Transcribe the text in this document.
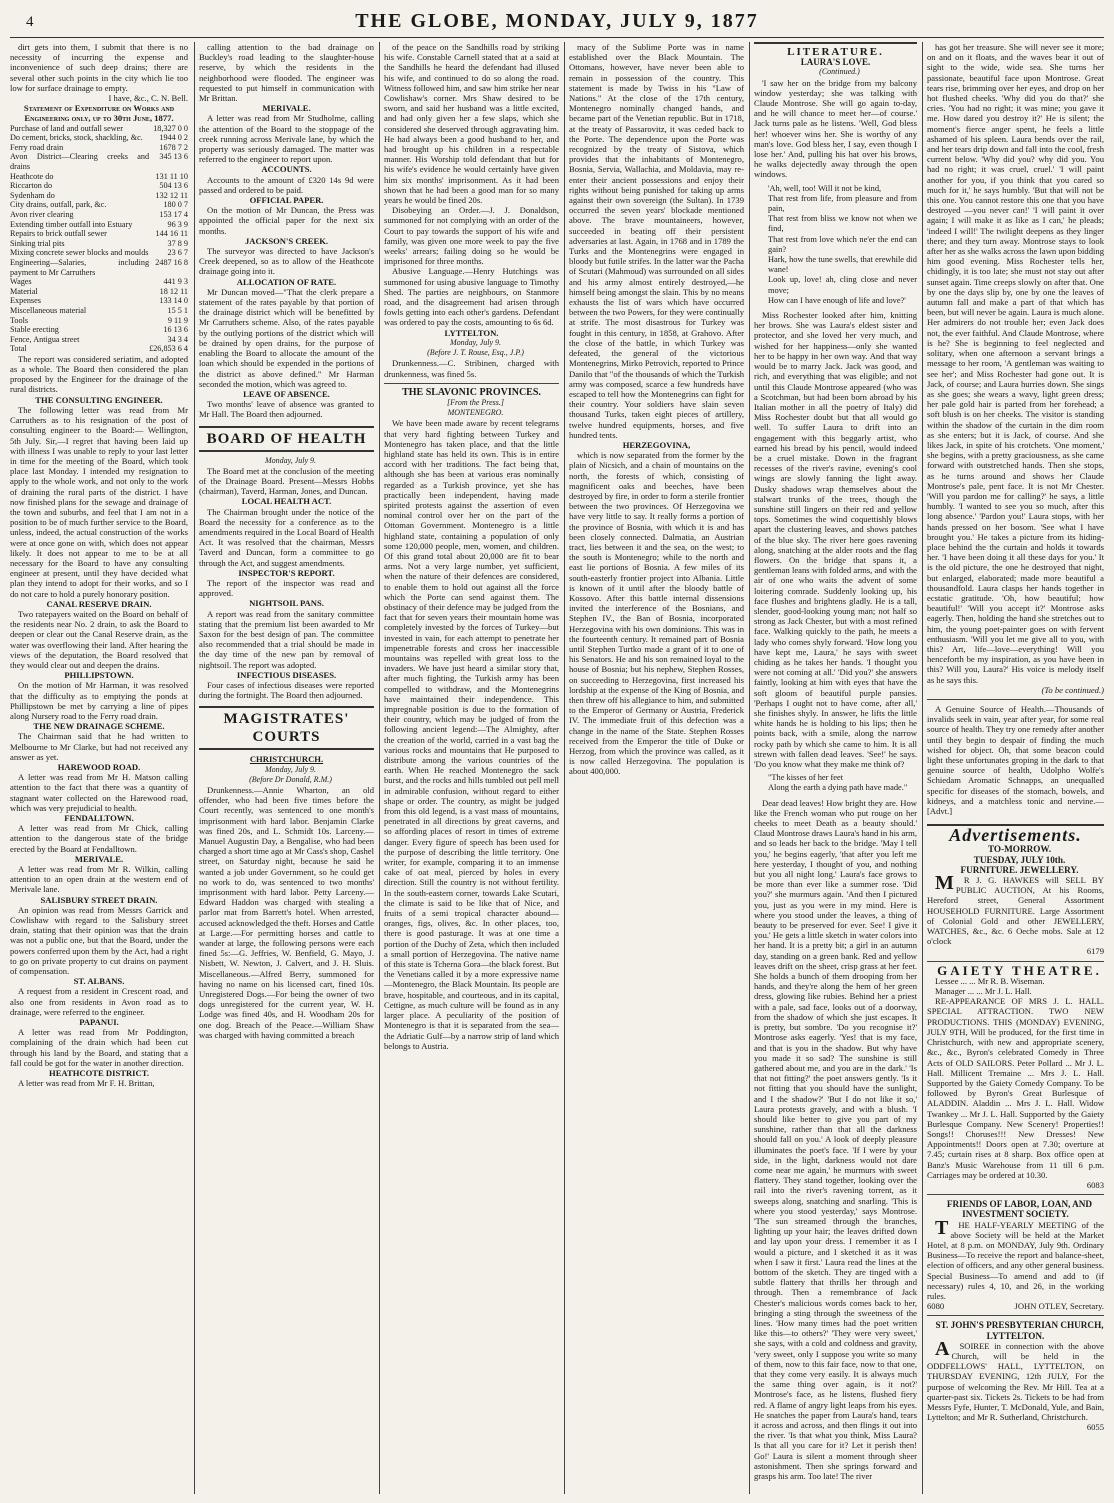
4	THE GLOBE, MONDAY, JULY 9, 1877

dirt gets into them, I submit that there is no necessity of incurring the expense and inconvenience of such deep drains; there are several other such points in the city which lie too low for surface drainage to empty.

I have, &c., C. N. Bell.

Statement of Expenditure on Works and Engineering only, up to 30th June, 1877.

Purchase of land and outfall sewer	18,327 0 0
Do cement, bricks, stock, shackling, &c.	1944 0 2
Ferry road drain	1678 7 2
Avon District—Clearing creeks and drains	345 13 6
Heathcote do	131 11 10
Riccarton do	504 13 6
Sydenham do	132 12 11
City drains, outfall, park, &c.	180 0 7
Avon river clearing	153 17 4
Extending timber outfall into Estuary	96 3 9
Repairs to brick outfall sewer	144 16 11
Sinking trial pits	37 8 9
Mixing concrete sewer blocks and moulds	23 6 7
Engineering—Salaries, including payment to Mr Carruthers	2487 16 8
Wages	441 9 3
Material	18 12 11
Expenses	133 14 0
Miscellaneous material	15 5 1
Tools	9 11 9
Stable erecting	16 13 6
Fence, Antigua street	34 3 4
Total	£26,853 6 4

The report was considered seriatim, and adopted as a whole. The Board then considered the plan proposed by the Engineer for the drainage of the rural districts.

THE CONSULTING ENGINEER.

The following letter was read from Mr Carruthers as to his resignation of the post of consulting engineer to the Board:— Wellington, 5th July. Sir,—I regret that having been laid up with illness I was unable to reply to your last letter in time for the meeting of the Board, which took place last Monday. I intended my resignation to apply to the whole work, and not only to the work of draining the rural parts of the district. I have now finished plans for the sewage and drainage of the town and suburbs, and feel that I am not in a position to be of much further service to the Board, unless, indeed, the actual construction of the works were at once gone on with, which does not appear likely. It does not appear to me to be at all necessary for the Board to have any consulting engineer at present, until they have decided what plan they intend to adopt for their works, and so I do not care to hold a purely honorary position.

CANAL RESERVE DRAIN.

Two ratepayers waited on the Board on behalf of the residents near No. 2 drain, to ask the Board to deepen or clear out the Canal Reserve drain, as the water was overflowing their land. After hearing the views of the deputation, the Board resolved that they would clear out and deepen the drains.

PHILLIPSTOWN.

On the motion of Mr Harman, it was resolved that the difficulty as to emptying the ponds at Phillipstown be met by carrying a line of pipes along Nursery road to the Ferry road drain.

THE NEW DRAINAGE SCHEME.

The Chairman said that he had written to Melbourne to Mr Clarke, but had not received any answer as yet.

HAREWOOD ROAD.

A letter was read from Mr H. Matson calling attention to the fact that there was a quantity of stagnant water collected on the Harewood road, which was very prejudicial to health.

FENDALLTOWN.

A letter was read from Mr Chick, calling attention to the dangerous state of the bridge erected by the Board at Fendalltown.

MERIVALE.

A letter was read from Mr R. Wilkin, calling attention to an open drain at the western end of Merivale lane.

SALISBURY STREET DRAIN.

An opinion was read from Messrs Garrick and Cowlishaw with regard to the Salisbury street drain, stating that their opinion was that the drain was not a public one, but that the Board, under the powers conferred upon them by the Act, had a right to go on private property to cut drains on payment of compensation.

ST. ALBANS.

A request from a resident in Crescent road, and also one from residents in Avon road as to drainage, were referred to the engineer.

PAPANUI.

A letter was read from Mr Poddington, complaining of the drain which had been cut through his land by the Board, and stating that a fall could be got for the water in another direction.

HEATHCOTE DISTRICT.

A letter was read from Mr F. H. Brittan,

calling attention to the bad drainage on Buckley's road leading to the slaughter-house reserve, by which the residents in the neighborhood were flooded. The engineer was requested to put himself in communication with Mr Brittan.

MERIVALE.

A letter was read from Mr Studholme, calling the attention of the Board to the stoppage of the creek running across Merivale lane, by which the property was seriously damaged. The matter was referred to the engineer to report upon.

ACCOUNTS.

Accounts to the amount of £320 14s 9d were passed and ordered to be paid.

OFFICIAL PAPER.

On the motion of Mr Duncan, the Press was appointed the official paper for the next six months.

JACKSON'S CREEK.

The surveyor was directed to have Jackson's Creek deepened, so as to allow of the Heathcote drainage going into it.

ALLOCATION OF RATE.

Mr Duncan moved—"That the clerk prepare a statement of the rates payable by that portion of the drainage district which will be benefitted by Mr Carruthers scheme. Also, of the rates payable by the outlying portions of the district which will be drained by open drains, for the purpose of enabling the Board to allocate the amount of the loan which should be expended in the portions of the district as above defined." Mr Harman seconded the motion, which was agreed to.

LEAVE OF ABSENCE.

Two months' leave of absence was granted to Mr Hall. The Board then adjourned.

BOARD OF HEALTH

Monday, July 9.

The Board met at the conclusion of the meeting of the Drainage Board. Present—Messrs Hobbs (chairman), Taverd, Harman, Jones, and Duncan.

LOCAL HEALTH ACT.

The Chairman brought under the notice of the Board the necessity for a conference as to the amendments required in the Local Board of Health Act. It was resolved that the chairman, Messrs Taverd and Duncan, form a committee to go through the Act, and suggest amendments.

INSPECTOR'S REPORT.

The report of the inspector was read and approved.

NIGHTSOIL PANS.

A report was read from the sanitary committee stating that the premium list been awarded to Mr Saxon for the best design of pan. The committee also recommended that a trial should be made in the day time of the new pan by removal of nightsoil. The report was adopted.

INFECTIOUS DISEASES.

Four cases of infectious diseases were reported during the fortnight. The Board then adjourned.

MAGISTRATES' COURTS

CHRISTCHURCH.

Monday, July 9.

(Before Dr Donald, R.M.)

Drunkenness.—Annie Wharton, an old offender, who had been five times before the Court recently, was sentenced to one month's imprisonment with hard labor. Benjamin Clarke was fined 20s, and L. Schmidt 10s. Larceny.—Manuel Augustin Day, a Bengalise, who had been charged a short time ago at Mr Cass's shop, Cashel street, on Saturday night, because he said he wanted a job under Government, so he could get no work to do, was sentenced to two months' imprisonment with hard labor. Petty Larceny.—Edward Haddon was charged with stealing a parlor mat from Barrett's hotel. When arrested, accused acknowledged the theft. Horses and Cattle at Large.—For permitting horses and cattle to wander at large, the following persons were each fined 5s:—G. Jeffries, W. Benfield, G. Mayo, J. Nisbett, W. Newton, J. Calvert, and J. H. Sluis. Miscellaneous.—Alfred Berry, summoned for having no name on his licensed cart, fined 10s. Unregistered Dogs.—For being the owner of two dogs unregistered for the current year, W. H. Lodge was fined 40s, and H. Woodham 20s for one dog. Breach of the Peace.—William Shaw was charged with having committed a breach

of the peace on the Sandhills road by striking his wife. Constable Carnell stated that at a said at the Sandhills he heard the defendant had illused his wife, and continued to do so along the road. Witness followed him, and saw him strike her near Cowlishaw's corner. Mrs Shaw desired to be sworn, and said her husband was a little excited, and had only given her a few slaps, which she considered she deserved through aggravating him. He had always been a good husband to her, and had brought up his children in a respectable manner. His Worship told defendant that but for his wife's evidence he would certainly have given him six months' imprisonment. As it had been shown that he had been a good man for so many years he would be fined 20s.

Disobeying an Order.—J. J. Donaldson, summoned for not complying with an order of the Court to pay towards the support of his wife and family, was given one more week to pay the five weeks' arrears; failing doing so he would be imprisoned for three months.

Abusive Language.—Henry Hutchings was summoned for using abusive language to Timothy Shed. The parties are neighbours, on Stanmore road, and the disagreement had arisen through fowls getting into each other's gardens. Defendant was ordered to pay the costs, amounting to 6s 6d.

LYTTELTON.

Monday, July 9.

(Before J. T. Rouse, Esq., J.P.)

Drunkenness.—C. Stribinen, charged with drunkenness, was fined 5s.

THE SLAVONIC PROVINCES.

[From the Press.]

MONTENEGRO.

We have been made aware by recent telegrams that very hard fighting between Turkey and Montenegro has taken place, and that the little highland state has held its own. This is in entire accord with her traditions. The fact being that, although she has been at various eras nominally regarded as a Turkish province, yet she has practically been independent, having made spirited protests against the assertion of even nominal control over her on the part of the Ottoman Government. Montenegro is a little highland state, containing a population of only some 120,000 people, men, women, and children. Of this grand total about 20,000 are fit to bear arms. Not a very large number, yet sufficient, when the nature of their defences are considered, to enable them to hold out against all the force which the Porte can send against them. The obstinacy of their defence may be judged from the fact that for seven years their mountain home was completely invested by the forces of Turkey—but invested in vain, for each attempt to penetrate her impenetrable forests and cross her inaccessible mountains was repelled with great loss to the invaders. We have just heard a similar story that, after much fighting, the Turkish army has been compelled to withdraw, and the Montenegrins have maintained their independence. This impregnable position is due to the formation of their country, which may be judged of from the following ancient legend:—The Almighty, after the creation of the world, carried in a vast bag the various rocks and mountains that He purposed to distribute among the various countries of the earth. When He reached Montenegro the sack burst, and the rocks and hills tumbled out pell mell in admirable confusion, without regard to either shape or order. The country, as might be judged from this old legend, is a vast mass of mountains, penetrated in all directions by great caverns, and so affording places of resort in times of extreme danger. Every figure of speech has been used for the purpose of describing the little territory. One writer, for example, comparing it to an immense cake of oat meal, pierced by holes in every direction. Still the country is not without fertility. In the south-eastern corner, towards Lake Scutari, the climate is said to be like that of Nice, and fruits of a semi tropical character abound—oranges, figs, olives, &c. In other places, too, there is good pasturage. It was at one time a portion of the Duchy of Zeta, which then included a small portion of Herzegovina. The native name of this state is Tcherna Gora—the black forest. But the Venetians called it by a more expressive name—Montenegro, the Black Mountain. Its people are brave, hospitable, and courteous, and in its capital, Cettigne, as much culture will be found as in any larger place. A peculiarity of the position of Montenegro is that it is separated from the sea—the Adriatic Gulf—by a narrow strip of land which belongs to Austria.

macy of the Sublime Porte was in name established over the Black Mountain. The Ottomans, however, have never been able to remain in possession of the country. This statement is made by Twiss in his "Law of Nations." At the close of the 17th century, Montenegro nominally changed hands, and became part of the Venetian republic. But in 1718, at the treaty of Passarovitz, it was ceded back to the Porte. The dependence upon the Porte was recognized by the treaty of Sistova, which provides that the inhabitants of Montenegro, Bosnia, Servia, Wallachia, and Moldavia, may re-enter their ancient possessions and enjoy their rights without being punished for taking up arms against their own sovereign (the Sultan). In 1739 occurred the seven years' blockade mentioned above. The brave mountaineers, however, succeeded in beating off their persistent adversaries at last. Again, in 1768 and in 1789 the Turks and the Montenegrins were engaged in bloody but futile strifes. In the latter war the Pacha of Scutari (Mahmoud) was surrounded on all sides and his army almost entirely destroyed,—he himself being amongst the slain. This by no means exhausts the list of wars which have occurred between the two Powers, for they were continually at strife. The most disastrous for Turkey was fought in this century, in 1858, at Grahovo. After the close of the battle, in which Turkey was defeated, the general of the victorious Montenegrins, Mirko Petrovich, reported to Prince Danilo that "of the thousands of which the Turkish army was composed, scarce a few hundreds have escaped to tell how the Montenegrins can fight for their country. Your soldiers have slain seven thousand Turks, taken eight pieces of artillery, twelve hundred equipments, horses, and five hundred tents.

HERZEGOVINA,

which is now separated from the former by the plain of Nicsich, and a chain of mountains on the north, the forests of which, consisting of magnificent oaks and beeches, have been destroyed by fire, in order to form a sterile frontier between the two provinces. Of Herzegovina we have very little to say. It really forms a portion of the province of Bosnia, with which it is and has been closely connected. Dalmatia, an Austrian tract, lies between it and the sea, on the west; to the south is Montenegro; while to the north and east lie portions of Bosnia. A few miles of its south-easterly frontier project into Albania. Little is known of it until after the bloody battle of Kossovo. After this battle internal dissensions invited the interference of the Bosnians, and Stephen IV., the Ban of Bosnia, incorporated Herzegovina with his own dominions. This was in the fourteenth century. It remained part of Bosnia until Stephen Turtko made a grant of it to one of his Senators. He and his son remained loyal to the house of Bosnia; but his nephew, Stephen Rosses, on succeeding to Herzegovina, first increased his lordship at the expense of the King of Bosnia, and then threw off his allegiance to him, and submitted to the Emperor of Germany or Austria, Frederick IV. The immediate fruit of this defection was a change in the name of the State. Stephen Rosses received from the Emperor the title of Duke or Herzog, from which the province was called, as it is now called Herzegovina. The population is about 400,000.

LITERATURE.

LAURA'S LOVE.

(Continued.)

'I saw her on the bridge from my balcony window yesterday; she was talking with Claude Montrose. She will go again to-day, and he will chance to meet her—of course.' Jack turns pale as he listens. 'Well, God bless her! whoever wins her. She is worthy of any man's love. God bless her, I say, even though I lose her.' And, pulling his hat over his brows, he walks dejectedly away through the open windows.

'Ah, well, too! Will it not be kind,
That rest from life, from pleasure and from pain,
That rest from bliss we know not when we find,
That rest from love which ne'er the end can gain?
Hark, how the tune swells, that erewhile did wane!
Look up, love! ah, cling close and never move;
How can I have enough of life and love?'

Miss Rochester looked after him, knitting her brows. She was Laura's eldest sister and protector, and she loved her very much, and wished for her happiness—only she wanted her to be happy in her own way. And that way would be to marry Jack. Jack was good, and rich, and everything that was eligible; and not until this Claude Montrose appeared (who was a Scotchman, but had been born abroad by his Italian mother in all the poetry of Italy) did Miss Rochester doubt but that all would go well. To suffer Laura to drift into an engagement with this beggarly artist, who earned his bread by his pencil, would indeed be a cruel mistake. Down in the fragrant recesses of the river's ravine, evening's cool wings are slowly fanning the light away. Dusky shadows wrap themselves about the stalwart trunks of the trees, though the sunshine still lingers on their red and yellow tops. Sometimes the wind coquettishly blows apart the clustering leaves, and shows patches of the blue sky. The river here goes ravening along, snatching at the alder roots and the flag flowers. On the bridge that spans it, a gentleman leans with folded arms, and with the air of one who waits the advent of some loitering comrade. Suddenly looking up, his face flushes and brightens gladly. He is a tall, slender, good-looking young man; not half so strong as Jack Chester, but with a most refined face. Walking quickly to the path, he meets a lady who comes shyly forward. 'How long you have kept me, Laura,' he says with sweet chiding as he takes her hands. 'I thought you were not coming at all.' 'Did you?' she answers faintly, looking at him with eyes that have the soft gloom of beautiful purple pansies. 'Perhaps I ought not to have come, after all,' she finishes shyly. In answer, he lifts the little white hands he is holding to his lips; then he points back, with a smile, along the narrow rocky path by which she came to him. It is all strewn with fallen dead leaves. 'See!' he says. 'Do you know what they make me think of?

"The kisses of her feet
Along the earth a dying path have made."

Dear dead leaves! How bright they are. How like the French woman who put rouge on her cheeks to meet Death as a beauty should.' Claud Montrose draws Laura's hand in his arm, and so leads her back to the bridge. 'May I tell you,' he begins eagerly, 'that after you left me here yesterday, I thought of you, and nothing but you all night long.' Laura's face grows to be more than ever like a summer rose. 'Did you?' she murmurs again. 'And then I pictured you, just as you were in my mind. Here is where you stood under the leaves, a thing of beauty to be preserved for ever. See! I give it you.' He gets a little sketch in water colors into her hand. It is a pretty bit; a girl in an autumn day, standing on a green bank. Red and yellow leaves drift on the sheet, crisp grass at her feet. She holds a bunch of them drooping from her hands, and they're along the hem of her green dress, glowing like rubies. Behind her a priest with a pale, sad face, looks out of a doorway, from the shadow of which she just escapes. It is pretty, but sombre. 'Do you recognise it?' Montrose asks eagerly. 'Yes! that is my face, and that is you in the shadow. But why have you made it so sad? The sunshine is still gathered about me, and you are in the dark.' 'Is that not fitting?' the poet answers gently. 'Is it not fitting that you should have the sunlight, and I the shadow?' 'But I do not like it so,' Laura protests gravely, and with a blush. 'I should like better to give you part of my sunshine, rather than that all the darkness should fall on you.' A look of deeply pleasure illuminates the poet's face. 'If I were by your side, in the light, darkness would not dare come near me again,' he murmurs with sweet flattery. They stand together, looking over the rail into the river's ravening torrent, as it sweeps along, snatching and snarling. 'This is where you stood yesterday,' says Montrose. 'The sun streamed through the branches, lighting up your hair; the leaves drifted down and lay upon your dress. I remember it as I would a picture, and I sketched it as it was when I saw it first.' Laura read the lines at the bottom of the sketch. They are tinged with a subtle flattery that thrills her through and through. Then a remembrance of Jack Chester's malicious words comes back to her, bringing a sting through the sweetness of the lines. 'How many times had the poet written like this—to others?' 'They were very sweet,' she says, with a cold and coldness and gravity, 'very sweet, only I suppose you write so many of them, now to this fair face, now to that one, that they come very easily. It is always much the same thing over again, is it not?' Montrose's face, as he listens, flushed fiery red. A flame of angry light leaps from his eyes. He snatches the paper from Laura's hand, tears it across and across, and then flings it out into the river. 'Is that what you think, Miss Laura? Is that all you care for it? Let it perish then! Go!' Laura is silent a moment through sheer astonishment. Then she springs forward and grasps his arm. Too late! The river

has got her treasure. She will never see it more; on and on it floats, and the waves bear it out of sight to the wide, wide sea. She turns her passionate, beautiful face upon Montrose. Great tears rise, brimming over her eyes, and drop on her hot flushed cheeks. 'Why did you do that?' she cries. 'You had no right; it was mine; you gave it me. How dared you destroy it?' He is silent; the moment's fierce anger spent, he feels a little ashamed of his spleen. Laura bends over the rail, and her tears drip down and fall into the cool, fresh current below. 'Why did you? why did you. You had no right; it was cruel, cruel.' 'I will paint another for you, if you think that you cared so much for it,' he says humbly. 'But that will not be this one. You cannot restore this one that you have destroyed —you never can!' 'I will paint it over again; I will make it as like as I can,' he pleads; 'indeed I will!' The twilight deepens as they linger there; and they turn away. Montrose stays to look after her as she walks across the lawn upon bidding him good evening. Miss Rochester tells her, chidingly, it is too late; she must not stay out after sunset again. Time creeps slowly on after that. One by one the days slip by, one by one the leaves of autumn fall and make a part of that which has been, but will never be again. Laura is much alone. Her admirers do not trouble her; even Jack does not, the ever faithful. And Claude Montrose, where is he? She is beginning to feel neglected and solitary, when one afternoon a servant brings a message to her room, 'A gentleman was waiting to see her'; and Miss Rochester had gone out. It is Jack, of course; and Laura hurries down. She sings as she goes; she wears a wavy, light green dress; her pale gold hair is parted from her forehead; a soft blush is on her cheeks. The visitor is standing within the shadow of the curtain in the dim room as she enters; but it is Jack, of course. And she likes Jack, in spite of his crotchets. 'One moment,' she begins, with a pretty graciousness, as she came forward with outstretched hands. Then she stops, as he turns around and shows her Claude Montrose's pale, pent face. It is not Mr Chester. 'Will you pardon me for calling?' he says, a little humbly. 'I wanted to see you so much, after this long absence.' 'Pardon you!' Laura stops, with her hands pressed on her bosom. 'See what I have brought you.' He takes a picture from its hiding-place behind the the curtain and holds it towards her. 'I have been doing it all these days for you.' It is the old picture, the one he destroyed that night, but enlarged, elaborated; made more beautiful a thousandfold. Laura clasps her hands together in ecstatic gratitude. 'Oh, how beautiful; how beautiful!' 'Will you accept it?' Montrose asks eagerly. Then, holding the hand she stretches out to him, the young poet-painter goes on with fervent enthusiasm. 'Will you let me give all to you, with this? Art, life—love—everything! Will you henceforth be my inspiration, as you have been in this? Will you, Laura?' His voice is melody itself as he says this.

(To be continued.)

A Genuine Source of Health.—Thousands of invalids seek in vain, year after year, for some real source of health. They try one remedy after another until they begin to despair of finding the much wished for object. Oh, that some beacon could light these unfortunates groping in the dark to that genuine source of health, Udolpho Wolfe's Schiedam Aromatic Schnapps, an unequalled specific for diseases of the stomach, bowels, and kidneys, and a matchless tonic and nervine.—[Advt.]

Advertisements.

TO-MORROW.

TUESDAY, JULY 10th.

FURNITURE. JEWELLERY.

MR J. G. HAWKES will SELL BY PUBLIC AUCTION, At his Rooms, Hereford street, General Assortment HOUSEHOLD FURNITURE. Large Assortment of Colonial Gold and other JEWELLERY, WATCHES, &c., &c. 6 Oeche mobs. Sale at 12 o'clock

6179

GAIETY THEATRE.

Lessee ... ... Mr R. B. Wiseman.

Manager ... ... Mr J. L. Hall.

RE-APPEARANCE OF MRS J. L. HALL. SPECIAL ATTRACTION. TWO NEW PRODUCTIONS. THIS (MONDAY) EVENING, JULY 9TH, Will be produced, for the first time in Christchurch, with new and appropriate scenery, &c., &c., Byron's celebrated Comedy in Three Acts of OLD SAILORS. Peter Pollard ... Mr J. L. Hall. Millicent Tremaine ... Mrs J. L. Hall. Supported by the Gaiety Comedy Company. To be followed by Byron's Great Burlesque of ALADDIN. Aladdin ... Mrs J. L. Hall. Widow Twankey ... Mr J. L. Hall. Supported by the Gaiety Burlesque Company. New Scenery! Properties!! Songs!! Choruses!!! New Dresses! New Appointments!! Doors open at 7.30; overture at 7.45; curtain rises at 8 sharp. Box office open at Banz's Music Warehouse from 11 till 6 p.m. Carriages may be ordered at 10.30.

6083

FRIENDS OF LABOR, LOAN, AND INVESTMENT SOCIETY.

THE HALF-YEARLY MEETING of the above Society will be held at the Market Hotel, at 8 p.m. on MONDAY, July 9th. Ordinary Business—To receive the report and balance-sheet, election of officers, and any other general business. Special Business—To amend and add to (if necessary) rules 4, 10, and 26, in the working rules.

6080	JOHN OTLEY, Secretary.

ST. JOHN'S PRESBYTERIAN CHURCH, LYTTELTON.

ASOIREE in connection with the above Church, will be held in the ODDFELLOWS' HALL, LYTTELTON, on THURSDAY EVENING, 12th JULY, For the purpose of welcoming the Rev. Mr Hill. Tea at a quarter-past six. Tickets 2s. Tickets to be had from Messrs Fyfe, Hunter, T. McDonald, Yule, and Bain, Lyttelton; and Mr R. Sutherland, Christchurch.

6055
